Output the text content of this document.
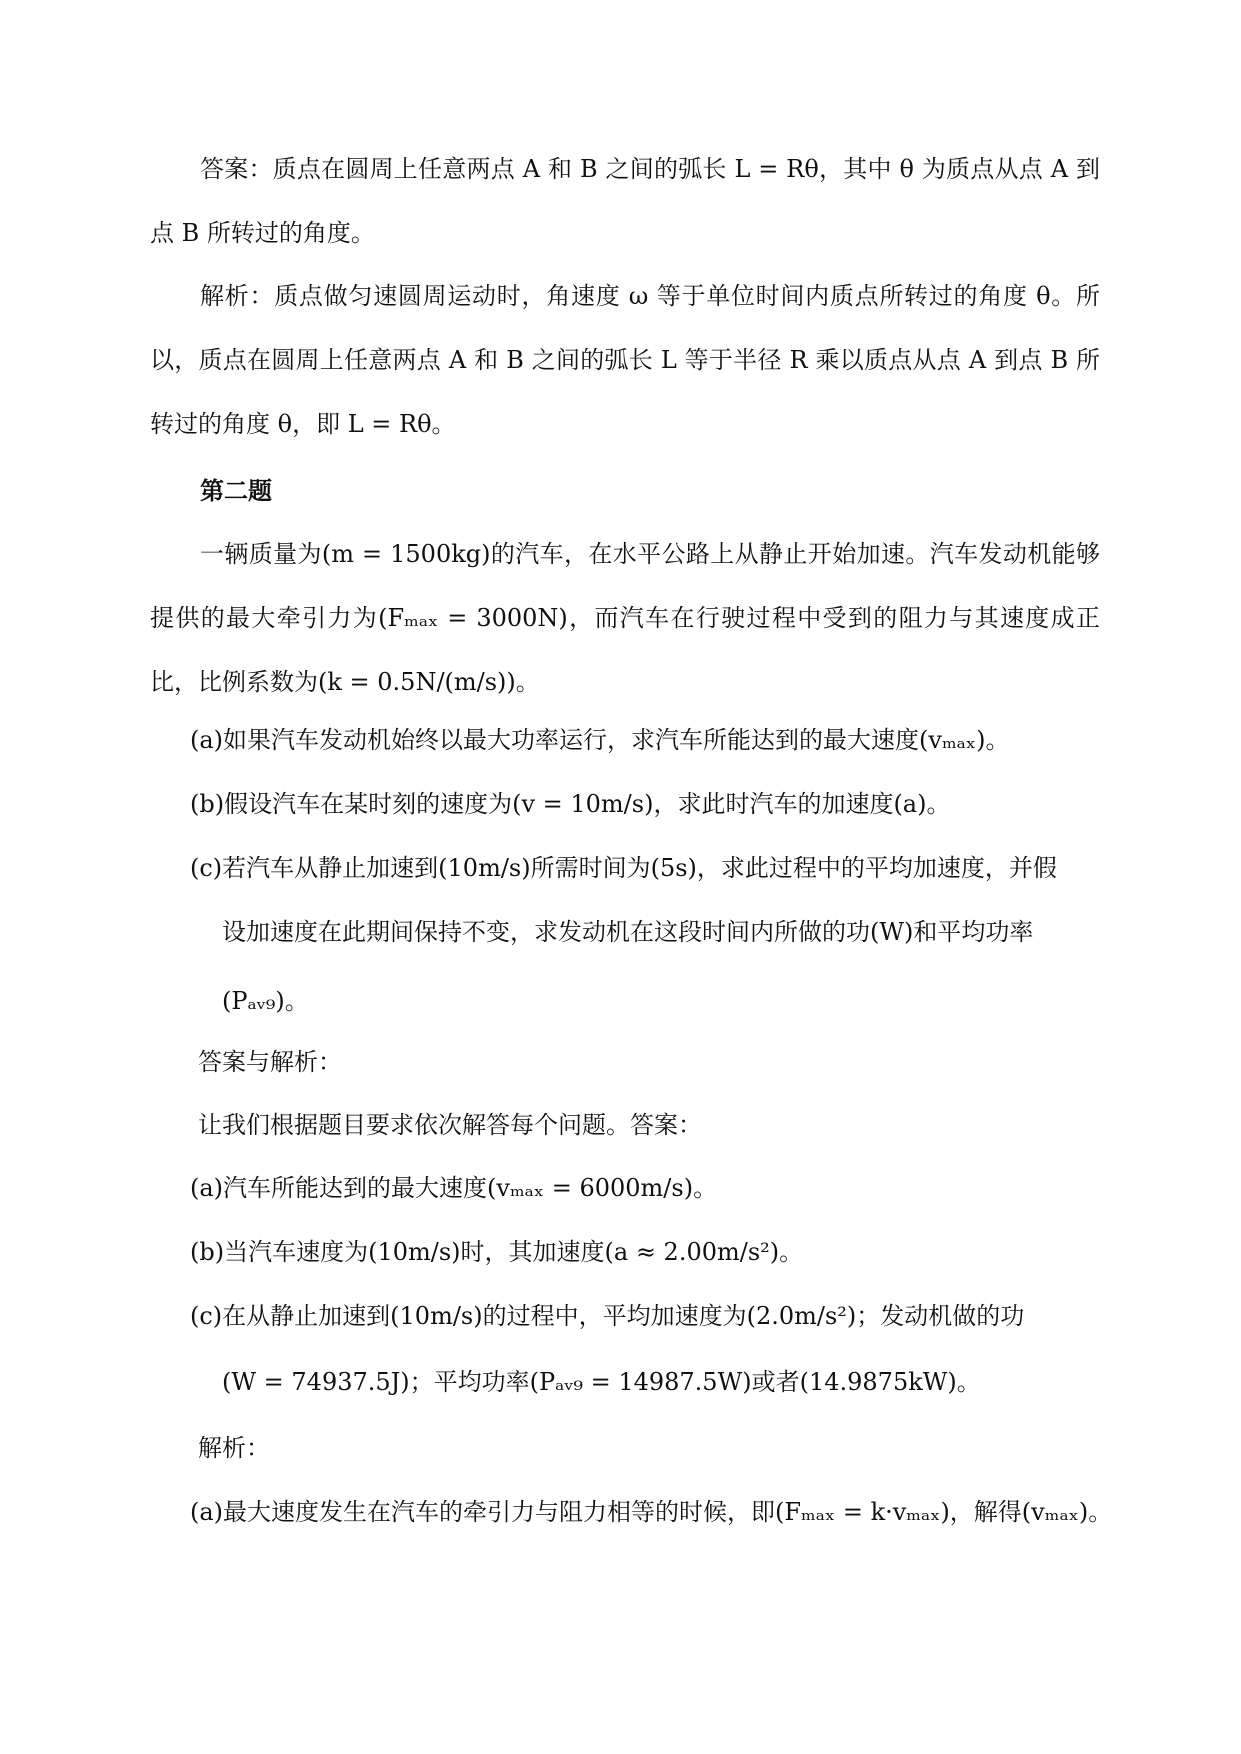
答案：质点在圆周上任意两点 A 和 B 之间的弧长 L = Rθ，其中 θ 为质点从点 A 到点 B 所转过的角度。

解析：质点做匀速圆周运动时，角速度 ω 等于单位时间内质点所转过的角度 θ。所以，质点在圆周上任意两点 A 和 B 之间的弧长 L 等于半径 R 乘以质点从点 A 到点 B 所转过的角度 θ，即 L = Rθ。

第二题

一辆质量为(m = 1500kg)的汽车，在水平公路上从静止开始加速。汽车发动机能够提供的最大牵引力为(Fₘₐₓ = 3000N)，而汽车在行驶过程中受到的阻力与其速度成正比，比例系数为(k = 0.5N/(m/s))。

(a)如果汽车发动机始终以最大功率运行，求汽车所能达到的最大速度(vₘₐₓ)。

(b)假设汽车在某时刻的速度为(v = 10m/s)，求此时汽车的加速度(a)。

(c)若汽车从静止加速到(10m/s)所需时间为(5s)，求此过程中的平均加速度，并假

设加速度在此期间保持不变，求发动机在这段时间内所做的功(W)和平均功率

(Pₐᵥ₉)。

答案与解析：

让我们根据题目要求依次解答每个问题。答案：

(a)汽车所能达到的最大速度(vₘₐₓ = 6000m/s)。

(b)当汽车速度为(10m/s)时，其加速度(a ≈ 2.00m/s²)。

(c)在从静止加速到(10m/s)的过程中，平均加速度为(2.0m/s²)；发动机做的功

(W = 74937.5J)；平均功率(Pₐᵥ₉ = 14987.5W)或者(14.9875kW)。

解析：

(a)最大速度发生在汽车的牵引力与阻力相等的时候，即(Fₘₐₓ = k·vₘₐₓ)，解得(vₘₐₓ)。
